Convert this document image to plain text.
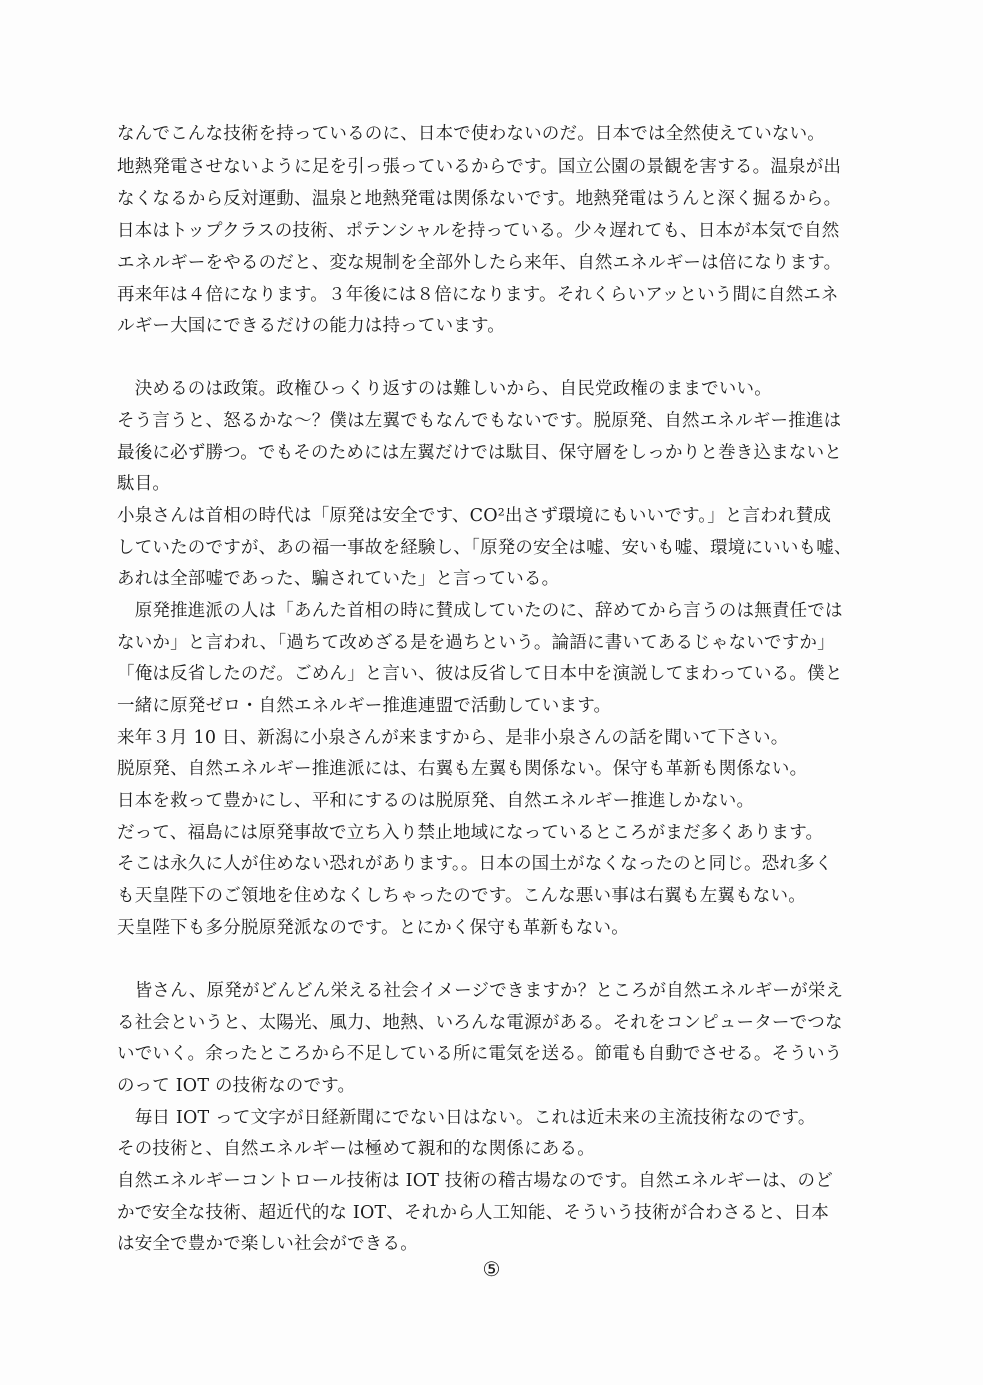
なんでこんな技術を持っているのに、日本で使わないのだ。日本では全然使えていない。
地熱発電させないように足を引っ張っているからです。国立公園の景観を害する。温泉が出
なくなるから反対運動、温泉と地熱発電は関係ないです。地熱発電はうんと深く掘るから。
日本はトップクラスの技術、ポテンシャルを持っている。少々遅れても、日本が本気で自然
エネルギーをやるのだと、変な規制を全部外したら来年、自然エネルギーは倍になります。
再来年は４倍になります。３年後には８倍になります。それくらいアッという間に自然エネ
ルギー大国にできるだけの能力は持っています。
　決めるのは政策。政権ひっくり返すのは難しいから、自民党政権のままでいい。
そう言うと、怒るかな～？僕は左翼でもなんでもないです。脱原発、自然エネルギー推進は
最後に必ず勝つ。でもそのためには左翼だけでは駄目、保守層をしっかりと巻き込まないと
駄目。
小泉さんは首相の時代は「原発は安全です、CO²出さず環境にもいいです。」と言われ賛成
していたのですが、あの福一事故を経験し、「原発の安全は嘘、安いも嘘、環境にいいも嘘、
あれは全部嘘であった、騙されていた」と言っている。
　原発推進派の人は「あんた首相の時に賛成していたのに、辞めてから言うのは無責任では
ないか」と言われ、「過ちて改めざる是を過ちという。論語に書いてあるじゃないですか」
「俺は反省したのだ。ごめん」と言い、彼は反省して日本中を演説してまわっている。僕と
一緒に原発ゼロ・自然エネルギー推進連盟で活動しています。
来年３月 10 日、新潟に小泉さんが来ますから、是非小泉さんの話を聞いて下さい。
脱原発、自然エネルギー推進派には、右翼も左翼も関係ない。保守も革新も関係ない。
日本を救って豊かにし、平和にするのは脱原発、自然エネルギー推進しかない。
だって、福島には原発事故で立ち入り禁止地域になっているところがまだ多くあります。
そこは永久に人が住めない恐れがあります。。日本の国土がなくなったのと同じ。恐れ多く
も天皇陛下のご領地を住めなくしちゃったのです。こんな悪い事は右翼も左翼もない。
天皇陛下も多分脱原発派なのです。とにかく保守も革新もない。
　皆さん、原発がどんどん栄える社会イメージできますか？ところが自然エネルギーが栄え
る社会というと、太陽光、風力、地熱、いろんな電源がある。それをコンピューターでつな
いでいく。余ったところから不足している所に電気を送る。節電も自動でさせる。そういう
のって IOT の技術なのです。
　毎日 IOT って文字が日経新聞にでない日はない。これは近未来の主流技術なのです。
その技術と、自然エネルギーは極めて親和的な関係にある。
自然エネルギーコントロール技術は IOT 技術の稽古場なのです。自然エネルギーは、のど
かで安全な技術、超近代的な IOT、それから人工知能、そういう技術が合わさると、日本
は安全で豊かで楽しい社会ができる。
⑤
